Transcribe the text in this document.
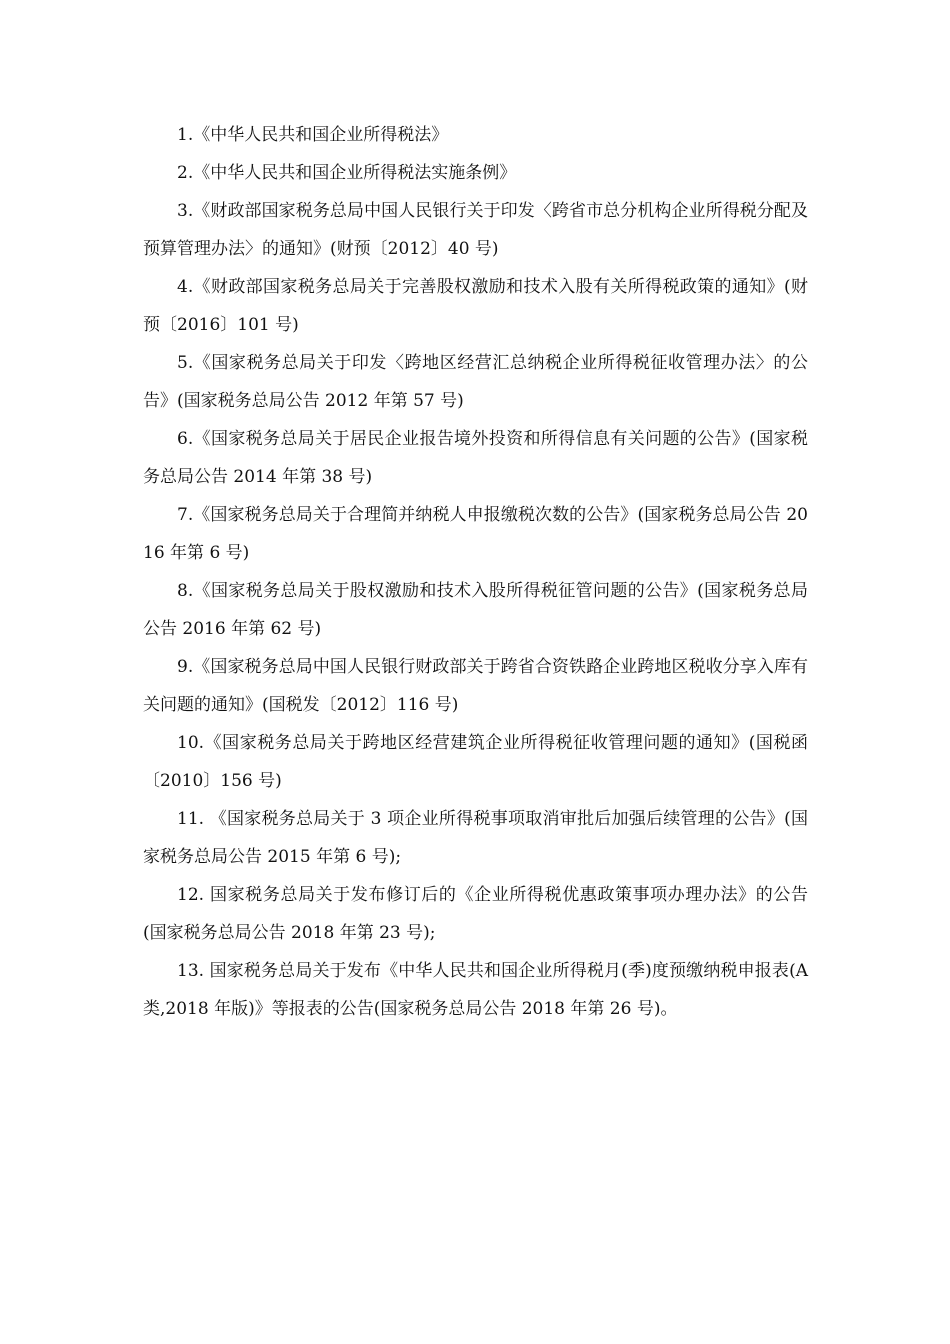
1.《中华人民共和国企业所得税法》

2.《中华人民共和国企业所得税法实施条例》

3.《财政部国家税务总局中国人民银行关于印发〈跨省市总分机构企业所得税分配及预算管理办法〉的通知》(财预〔2012〕40 号)

4.《财政部国家税务总局关于完善股权激励和技术入股有关所得税政策的通知》(财预〔2016〕101 号)

5.《国家税务总局关于印发〈跨地区经营汇总纳税企业所得税征收管理办法〉的公告》(国家税务总局公告 2012 年第 57 号)

6.《国家税务总局关于居民企业报告境外投资和所得信息有关问题的公告》(国家税务总局公告 2014 年第 38 号)

7.《国家税务总局关于合理简并纳税人申报缴税次数的公告》(国家税务总局公告 2016 年第 6 号)

8.《国家税务总局关于股权激励和技术入股所得税征管问题的公告》(国家税务总局公告 2016 年第 62 号)

9.《国家税务总局中国人民银行财政部关于跨省合资铁路企业跨地区税收分享入库有关问题的通知》(国税发〔2012〕116 号)

10.《国家税务总局关于跨地区经营建筑企业所得税征收管理问题的通知》(国税函〔2010〕156 号)

11. 《国家税务总局关于 3 项企业所得税事项取消审批后加强后续管理的公告》(国家税务总局公告 2015 年第 6 号);

12. 国家税务总局关于发布修订后的《企业所得税优惠政策事项办理办法》的公告(国家税务总局公告 2018 年第 23 号);

13. 国家税务总局关于发布《中华人民共和国企业所得税月(季)度预缴纳税申报表(A 类,2018 年版)》等报表的公告(国家税务总局公告 2018 年第 26 号)。
